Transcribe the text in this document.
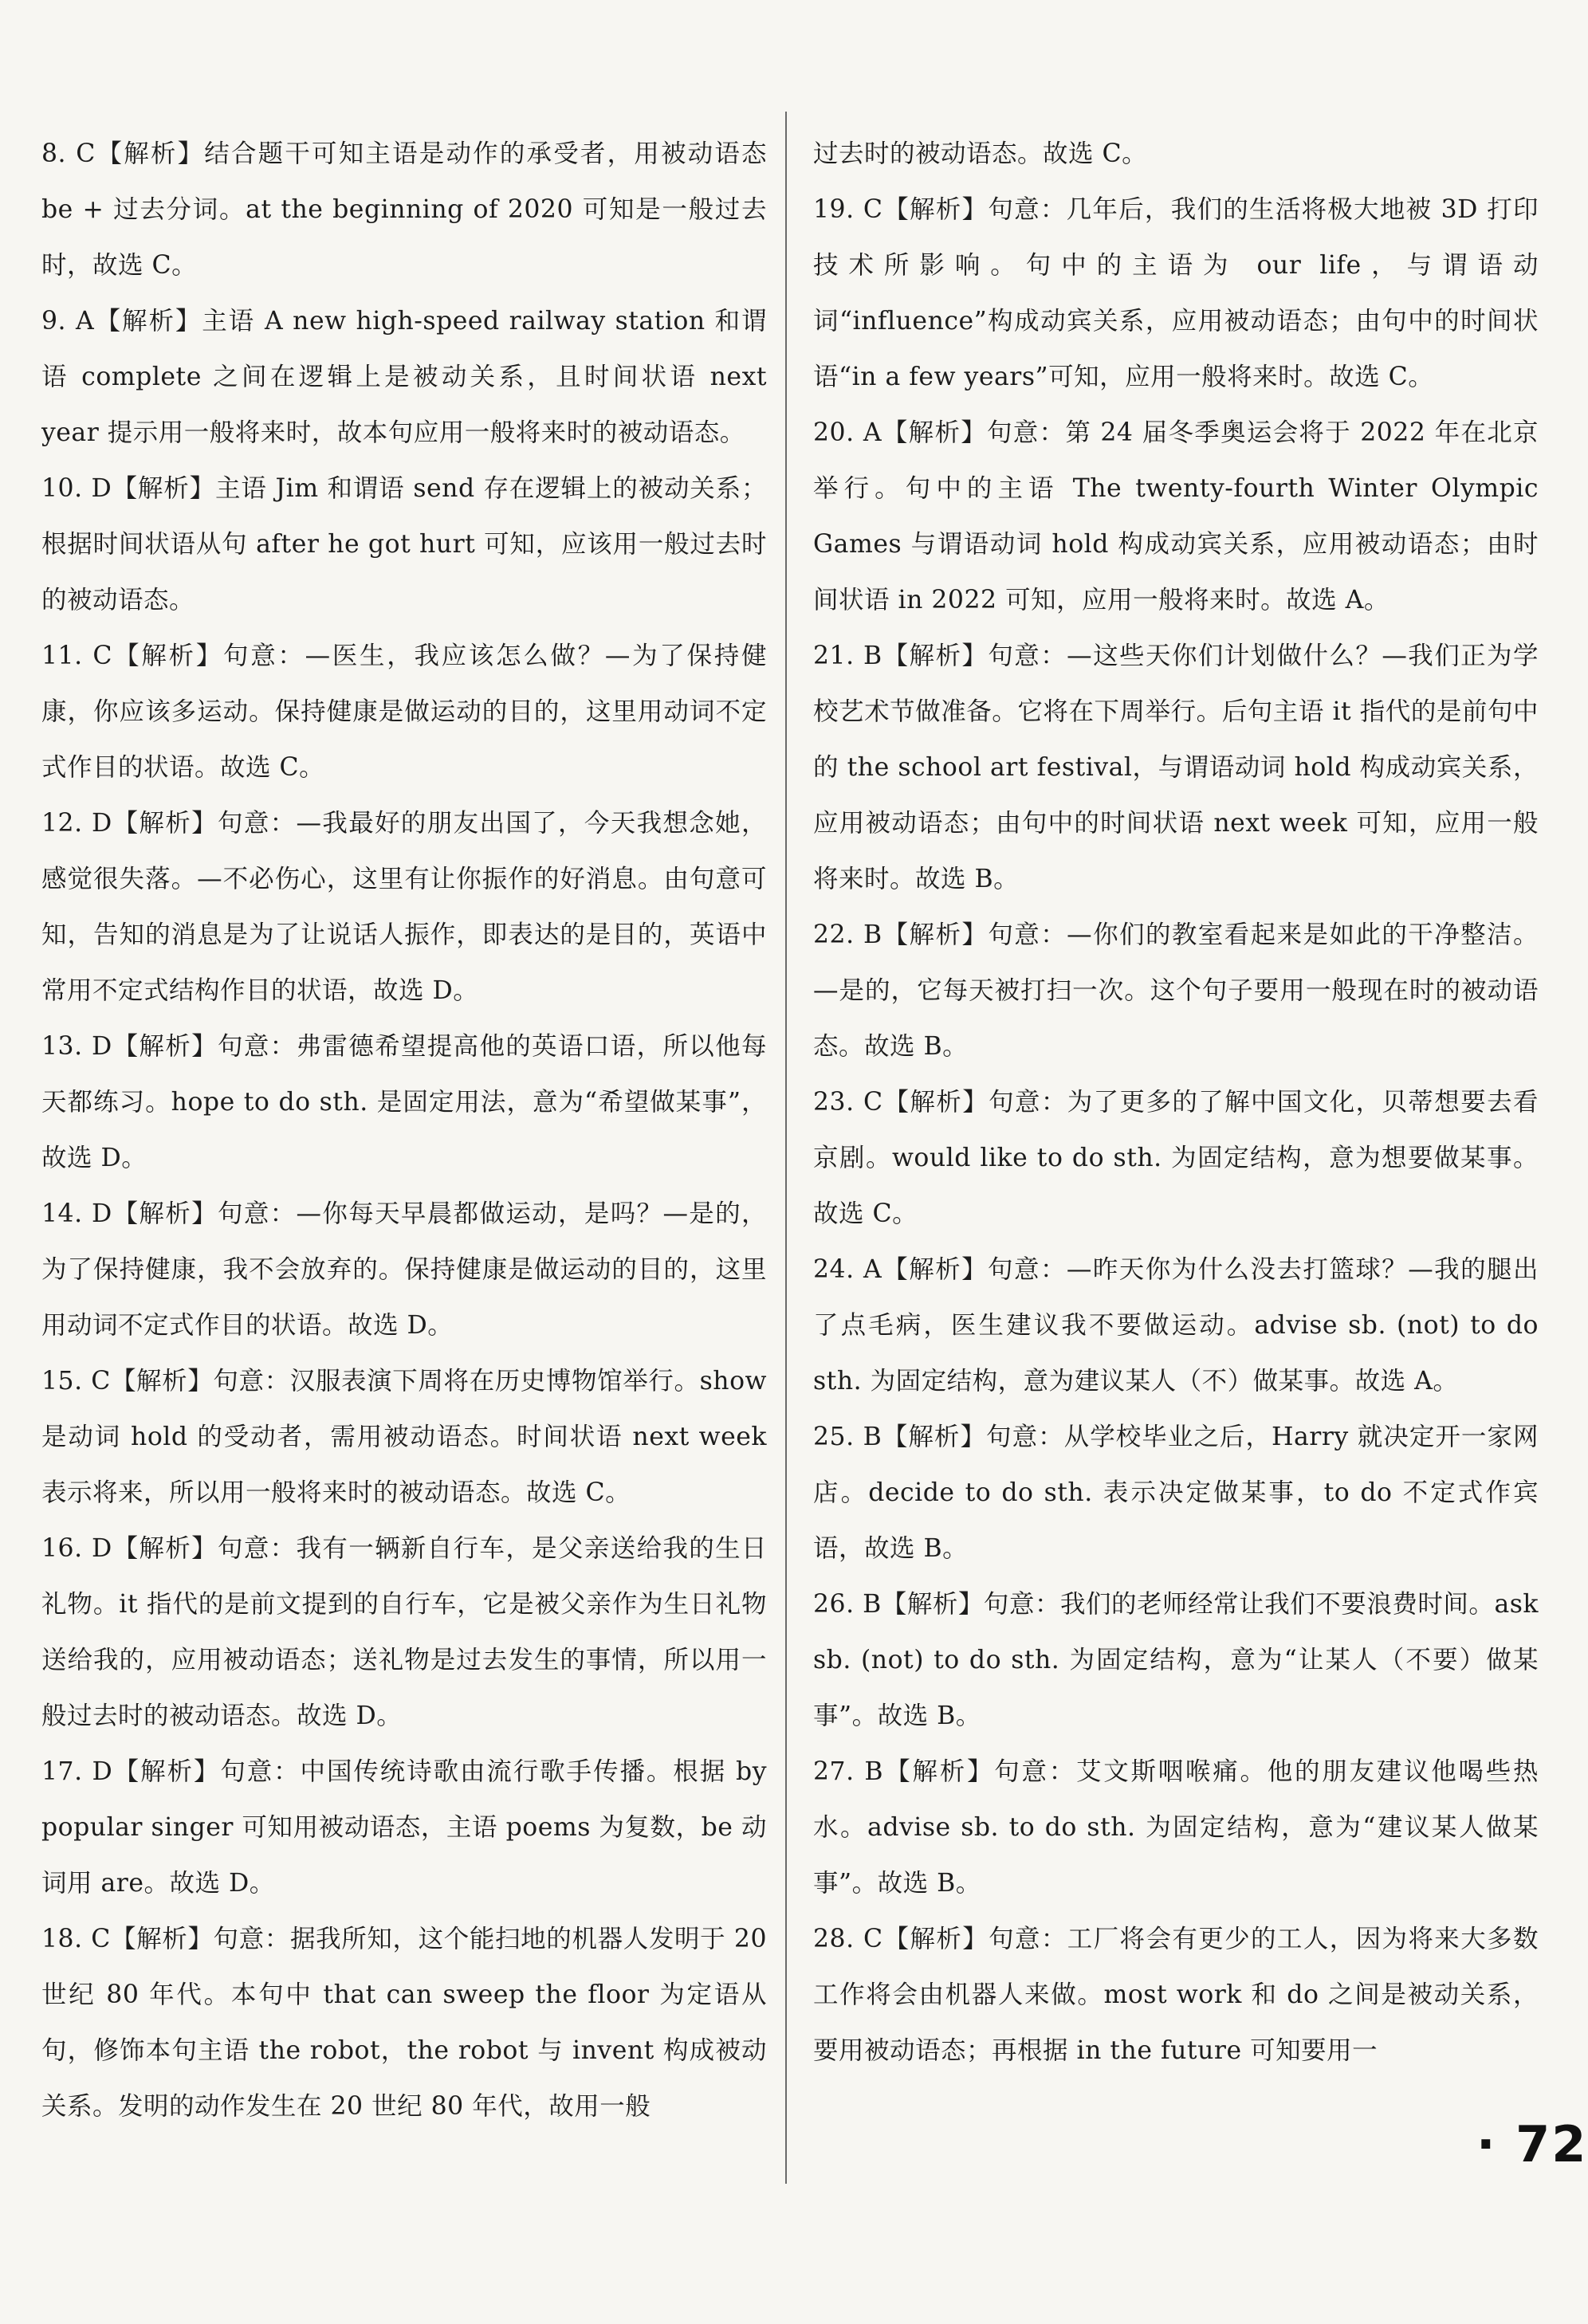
8. C【解析】结合题干可知主语是动作的承受者，用被动语态 be + 过去分词。at the beginning of 2020 可知是一般过去时，故选 C。

9. A【解析】主语 A new high-speed railway station 和谓语 complete 之间在逻辑上是被动关系，且时间状语 next year 提示用一般将来时，故本句应用一般将来时的被动语态。

10. D【解析】主语 Jim 和谓语 send 存在逻辑上的被动关系；根据时间状语从句 after he got hurt 可知，应该用一般过去时的被动语态。

11. C【解析】句意：—医生，我应该怎么做？—为了保持健康，你应该多运动。保持健康是做运动的目的，这里用动词不定式作目的状语。故选 C。

12. D【解析】句意：—我最好的朋友出国了，今天我想念她，感觉很失落。—不必伤心，这里有让你振作的好消息。由句意可知，告知的消息是为了让说话人振作，即表达的是目的，英语中常用不定式结构作目的状语，故选 D。

13. D【解析】句意：弗雷德希望提高他的英语口语，所以他每天都练习。hope to do sth. 是固定用法，意为“希望做某事”，故选 D。

14. D【解析】句意：—你每天早晨都做运动，是吗？—是的，为了保持健康，我不会放弃的。保持健康是做运动的目的，这里用动词不定式作目的状语。故选 D。

15. C【解析】句意：汉服表演下周将在历史博物馆举行。show 是动词 hold 的受动者，需用被动语态。时间状语 next week 表示将来，所以用一般将来时的被动语态。故选 C。

16. D【解析】句意：我有一辆新自行车，是父亲送给我的生日礼物。it 指代的是前文提到的自行车，它是被父亲作为生日礼物送给我的，应用被动语态；送礼物是过去发生的事情，所以用一般过去时的被动语态。故选 D。

17. D【解析】句意：中国传统诗歌由流行歌手传播。根据 by popular singer 可知用被动语态，主语 poems 为复数，be 动词用 are。故选 D。

18. C【解析】句意：据我所知，这个能扫地的机器人发明于 20 世纪 80 年代。本句中 that can sweep the floor 为定语从句，修饰本句主语 the robot，the robot 与 invent 构成被动关系。发明的动作发生在 20 世纪 80 年代，故用一般

过去时的被动语态。故选 C。

19. C【解析】句意：几年后，我们的生活将极大地被 3D 打印技术所影响。句中的主语为 our life，与谓语动词“influence”构成动宾关系，应用被动语态；由句中的时间状语“in a few years”可知，应用一般将来时。故选 C。

20. A【解析】句意：第 24 届冬季奥运会将于 2022 年在北京举行。句中的主语 The twenty-fourth Winter Olympic Games 与谓语动词 hold 构成动宾关系，应用被动语态；由时间状语 in 2022 可知，应用一般将来时。故选 A。

21. B【解析】句意：—这些天你们计划做什么？—我们正为学校艺术节做准备。它将在下周举行。后句主语 it 指代的是前句中的 the school art festival，与谓语动词 hold 构成动宾关系，应用被动语态；由句中的时间状语 next week 可知，应用一般将来时。故选 B。

22. B【解析】句意：—你们的教室看起来是如此的干净整洁。—是的，它每天被打扫一次。这个句子要用一般现在时的被动语态。故选 B。

23. C【解析】句意：为了更多的了解中国文化，贝蒂想要去看京剧。would like to do sth. 为固定结构，意为想要做某事。故选 C。

24. A【解析】句意：—昨天你为什么没去打篮球？—我的腿出了点毛病，医生建议我不要做运动。advise sb. (not) to do sth. 为固定结构，意为建议某人（不）做某事。故选 A。

25. B【解析】句意：从学校毕业之后，Harry 就决定开一家网店。decide to do sth. 表示决定做某事，to do 不定式作宾语，故选 B。

26. B【解析】句意：我们的老师经常让我们不要浪费时间。ask sb. (not) to do sth. 为固定结构，意为“让某人（不要）做某事”。故选 B。

27. B【解析】句意：艾文斯咽喉痛。他的朋友建议他喝些热水。advise sb. to do sth. 为固定结构，意为“建议某人做某事”。故选 B。

28. C【解析】句意：工厂将会有更少的工人，因为将来大多数工作将会由机器人来做。most work 和 do 之间是被动关系，要用被动语态；再根据 in the future 可知要用一

· 72
